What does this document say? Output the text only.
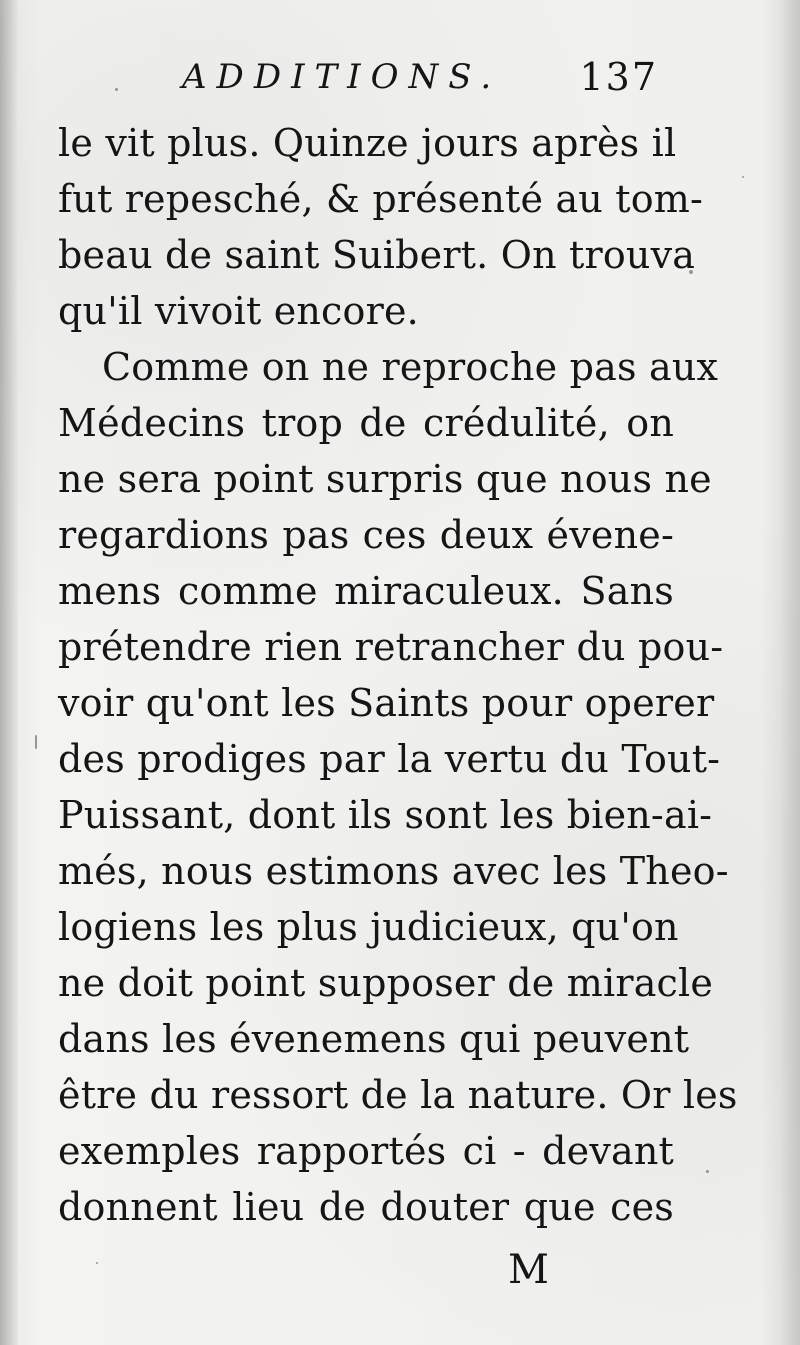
ADDITIONS. 137
le vit plus. Quinze jours après il
fut repesché, & présenté au tom-
beau de saint Suibert. On trouva
qu'il vivoit encore.
Comme on ne reproche pas aux
Médecins trop de crédulité, on
ne sera point surpris que nous ne
regardions pas ces deux évene-
mens comme miraculeux. Sans
prétendre rien retrancher du pou-
voir qu'ont les Saints pour operer
des prodiges par la vertu du Tout-
Puissant, dont ils sont les bien-ai-
més, nous estimons avec les Theo-
logiens les plus judicieux, qu'on
ne doit point supposer de miracle
dans les évenemens qui peuvent
être du ressort de la nature. Or les
exemples rapportés ci - devant
donnent lieu de douter que ces
M
